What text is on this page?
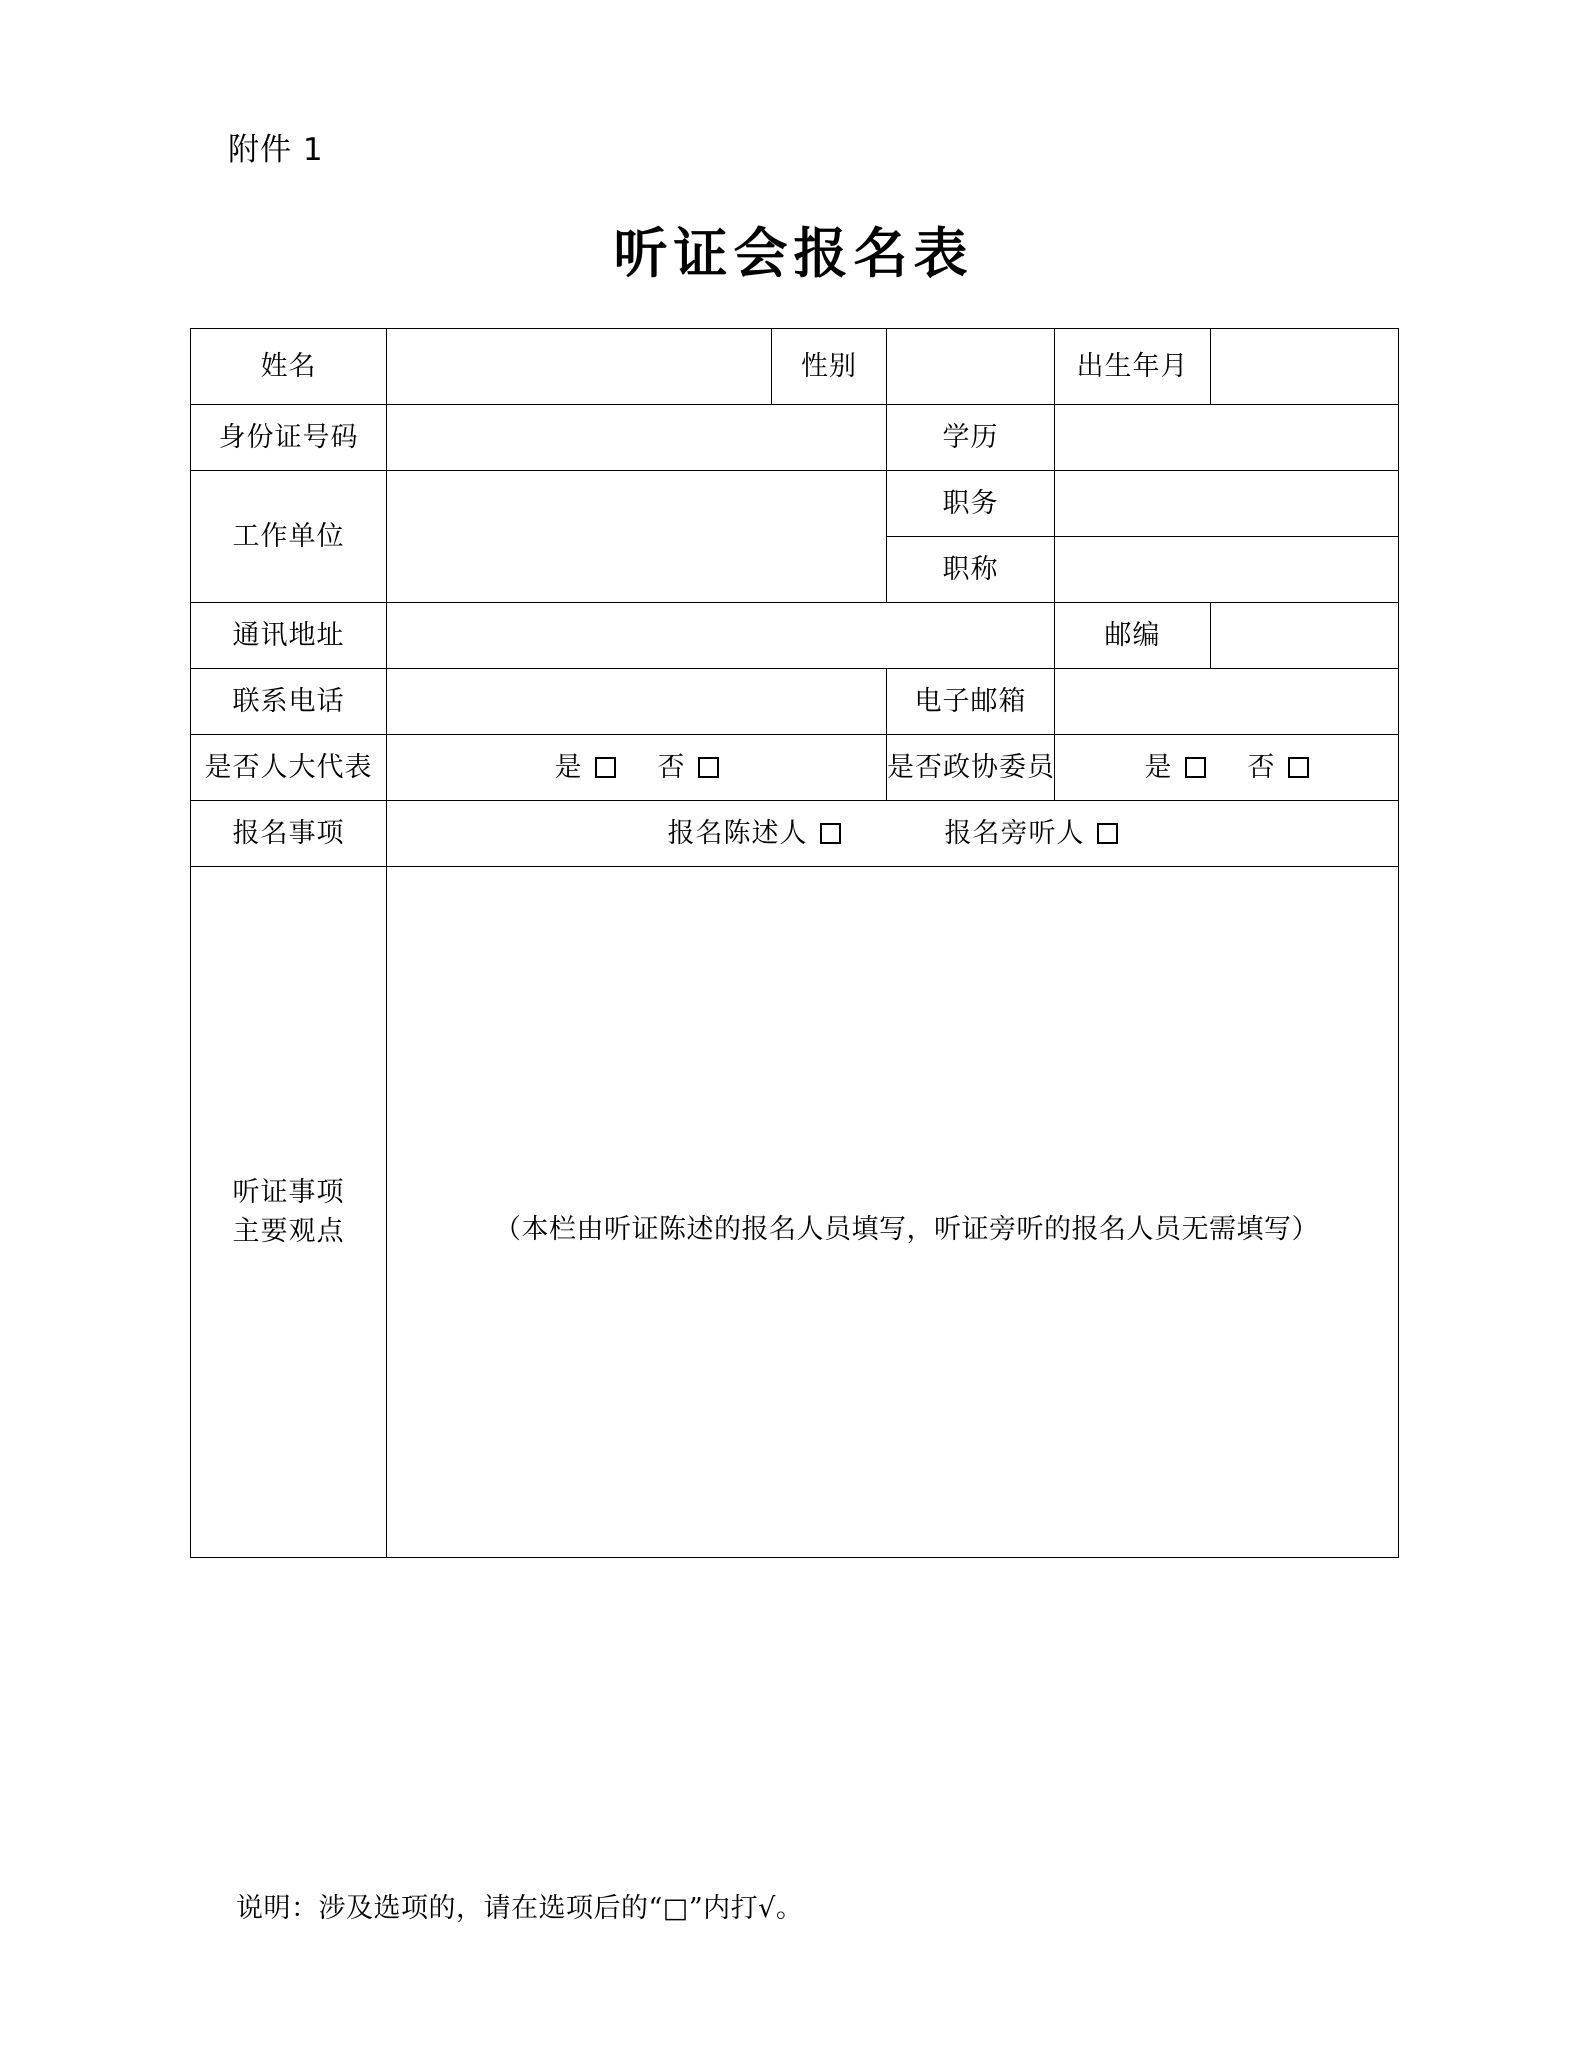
附件 1
听证会报名表
姓名		性别		出生年月	
身份证号码			学历		
工作单位			职务		
			职称		
通讯地址				邮编	
联系电话			电子邮箱		
是否人大代表	是 否		是否政协委员	是 否	

报名事项	报名陈述人 报名旁听人				

听证事项
主要观点	（本栏由听证陈述的报名人员填写，听证旁听的报名人员无需填写）				
说明：涉及选项的，请在选项后的“□”内打√。
